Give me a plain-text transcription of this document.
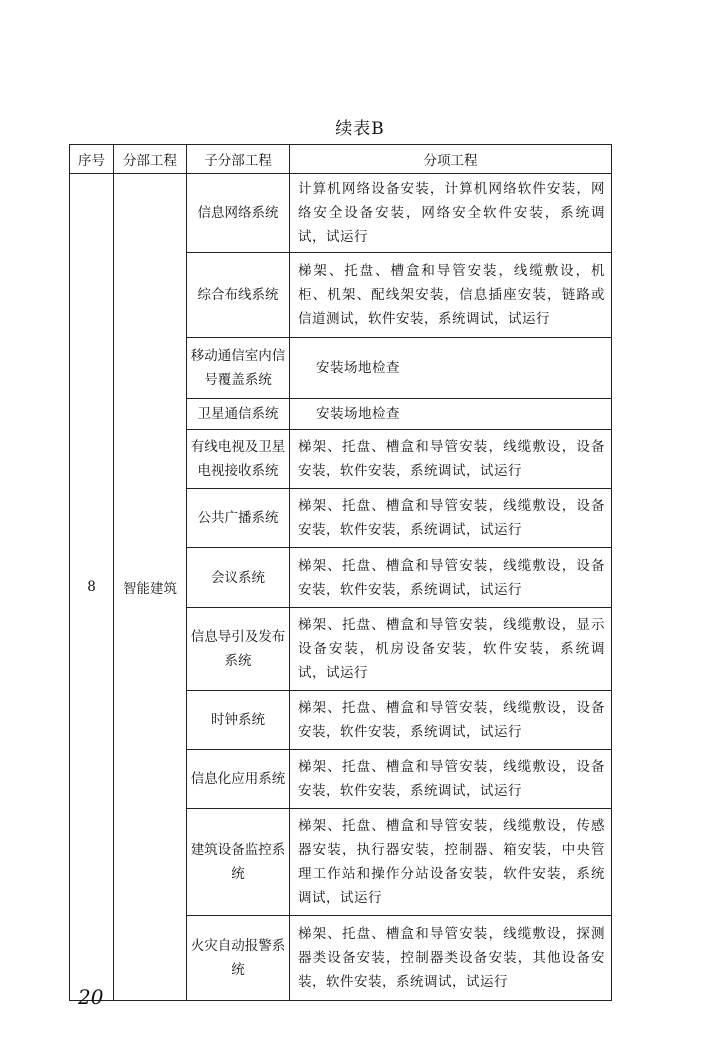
续表B
序号	分部工程	子分部工程	分项工程
8	智能建筑	信息网络系统	计算机网络设备安装，计算机网络软件安装，网络安全设备安装，网络安全软件安装，系统调试，试运行
		综合布线系统	梯架、托盘、槽盒和导管安装，线缆敷设，机柜、机架、配线架安装，信息插座安装，链路或信道测试，软件安装，系统调试，试运行
		移动通信室内信号覆盖系统	安装场地检查
		卫星通信系统	安装场地检查
		有线电视及卫星电视接收系统	梯架、托盘、槽盒和导管安装，线缆敷设，设备安装，软件安装，系统调试，试运行
		公共广播系统	梯架、托盘、槽盒和导管安装，线缆敷设，设备安装，软件安装，系统调试，试运行
		会议系统	梯架、托盘、槽盒和导管安装，线缆敷设，设备安装，软件安装，系统调试，试运行
		信息导引及发布系统	梯架、托盘、槽盒和导管安装，线缆敷设，显示设备安装，机房设备安装，软件安装，系统调试，试运行
		时钟系统	梯架、托盘、槽盒和导管安装，线缆敷设，设备安装，软件安装，系统调试，试运行
		信息化应用系统	梯架、托盘、槽盒和导管安装，线缆敷设，设备安装，软件安装，系统调试，试运行
		建筑设备监控系统	梯架、托盘、槽盒和导管安装，线缆敷设，传感器安装，执行器安装，控制器、箱安装，中央管理工作站和操作分站设备安装，软件安装，系统调试，试运行
		火灾自动报警系统	梯架、托盘、槽盒和导管安装，线缆敷设，探测器类设备安装，控制器类设备安装，其他设备安装，软件安装，系统调试，试运行
20
